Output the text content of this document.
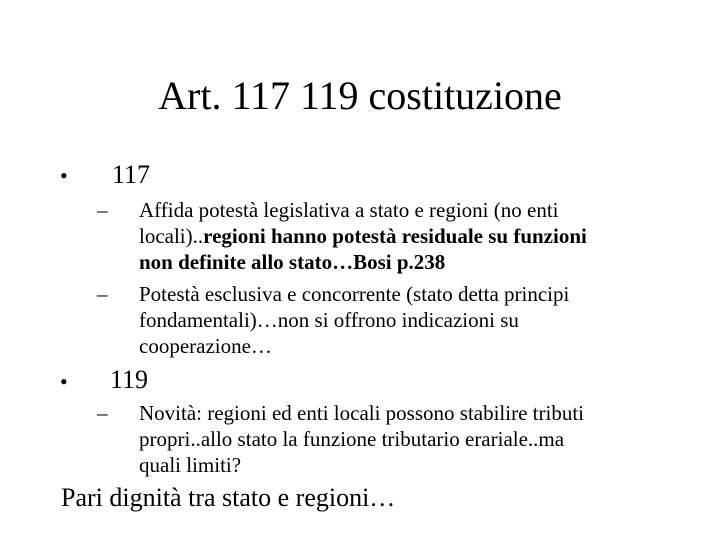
Art. 117 119 costituzione
• 117
– Affida potestà legislativa a stato e regioni (no enti
locali)..regioni hanno potestà residuale su funzioni
non definite allo stato…Bosi p.238
– Potestà esclusiva e concorrente (stato detta principi
fondamentali)…non si offrono indicazioni su
cooperazione…
• 119
– Novità: regioni ed enti locali possono stabilire tributi
propri..allo stato la funzione tributario erariale..ma
quali limiti?
Pari dignità tra stato e regioni…
